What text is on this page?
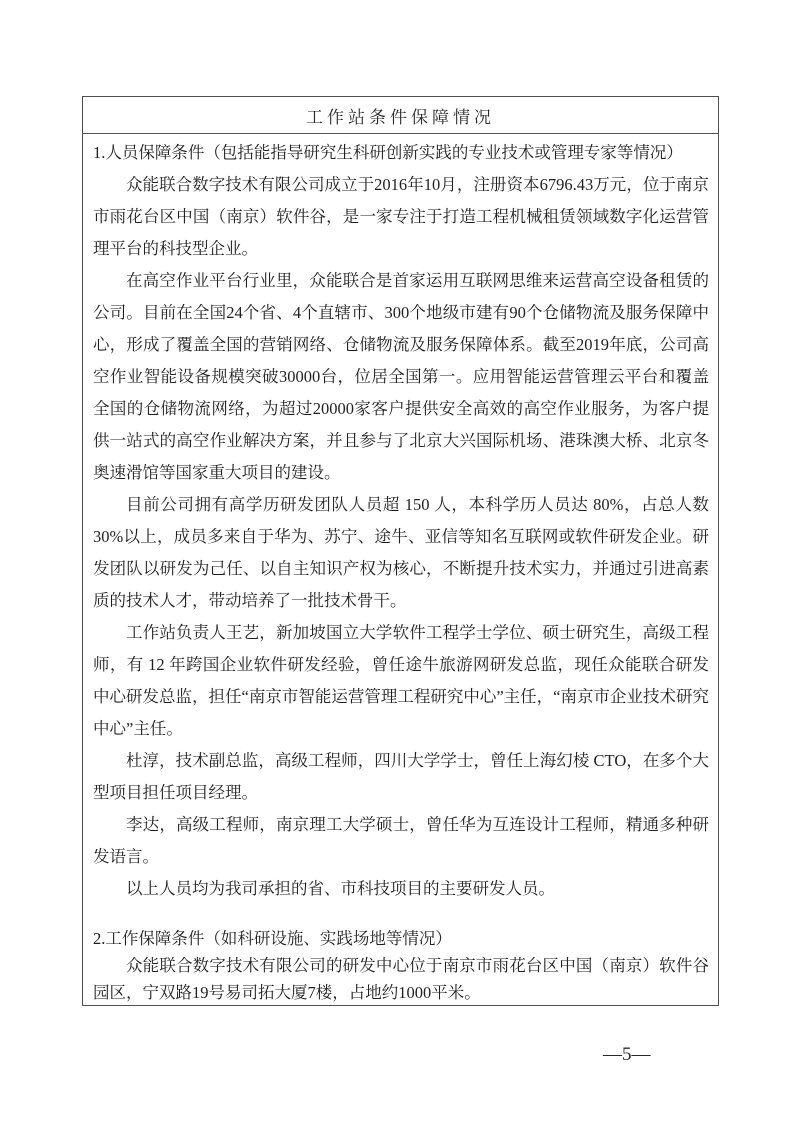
工作站条件保障情况
1.人员保障条件（包括能指导研究生科研创新实践的专业技术或管理专家等情况）

众能联合数字技术有限公司成立于2016年10月，注册资本6796.43万元，位于南京市雨花台区中国（南京）软件谷，是一家专注于打造工程机械租赁领域数字化运营管理平台的科技型企业。

在高空作业平台行业里，众能联合是首家运用互联网思维来运营高空设备租赁的公司。目前在全国24个省、4个直辖市、300个地级市建有90个仓储物流及服务保障中心，形成了覆盖全国的营销网络、仓储物流及服务保障体系。截至2019年底，公司高空作业智能设备规模突破30000台，位居全国第一。应用智能运营管理云平台和覆盖全国的仓储物流网络，为超过20000家客户提供安全高效的高空作业服务，为客户提供一站式的高空作业解决方案，并且参与了北京大兴国际机场、港珠澳大桥、北京冬奥速滑馆等国家重大项目的建设。

目前公司拥有高学历研发团队人员超 150 人，本科学历人员达 80%，占总人数 30%以上，成员多来自于华为、苏宁、途牛、亚信等知名互联网或软件研发企业。研发团队以研发为己任、以自主知识产权为核心，不断提升技术实力，并通过引进高素质的技术人才，带动培养了一批技术骨干。

工作站负责人王艺，新加坡国立大学软件工程学士学位、硕士研究生，高级工程师，有 12 年跨国企业软件研发经验，曾任途牛旅游网研发总监，现任众能联合研发中心研发总监，担任“南京市智能运营管理工程研究中心”主任，“南京市企业技术研究中心”主任。

杜淳，技术副总监，高级工程师，四川大学学士，曾任上海幻棱 CTO，在多个大型项目担任项目经理。

李达，高级工程师，南京理工大学硕士，曾任华为互连设计工程师，精通多种研发语言。

以上人员均为我司承担的省、市科技项目的主要研发人员。

2.工作保障条件（如科研设施、实践场地等情况）

众能联合数字技术有限公司的研发中心位于南京市雨花台区中国（南京）软件谷园区，宁双路19号易司拓大厦7楼，占地约1000平米。

—5—
